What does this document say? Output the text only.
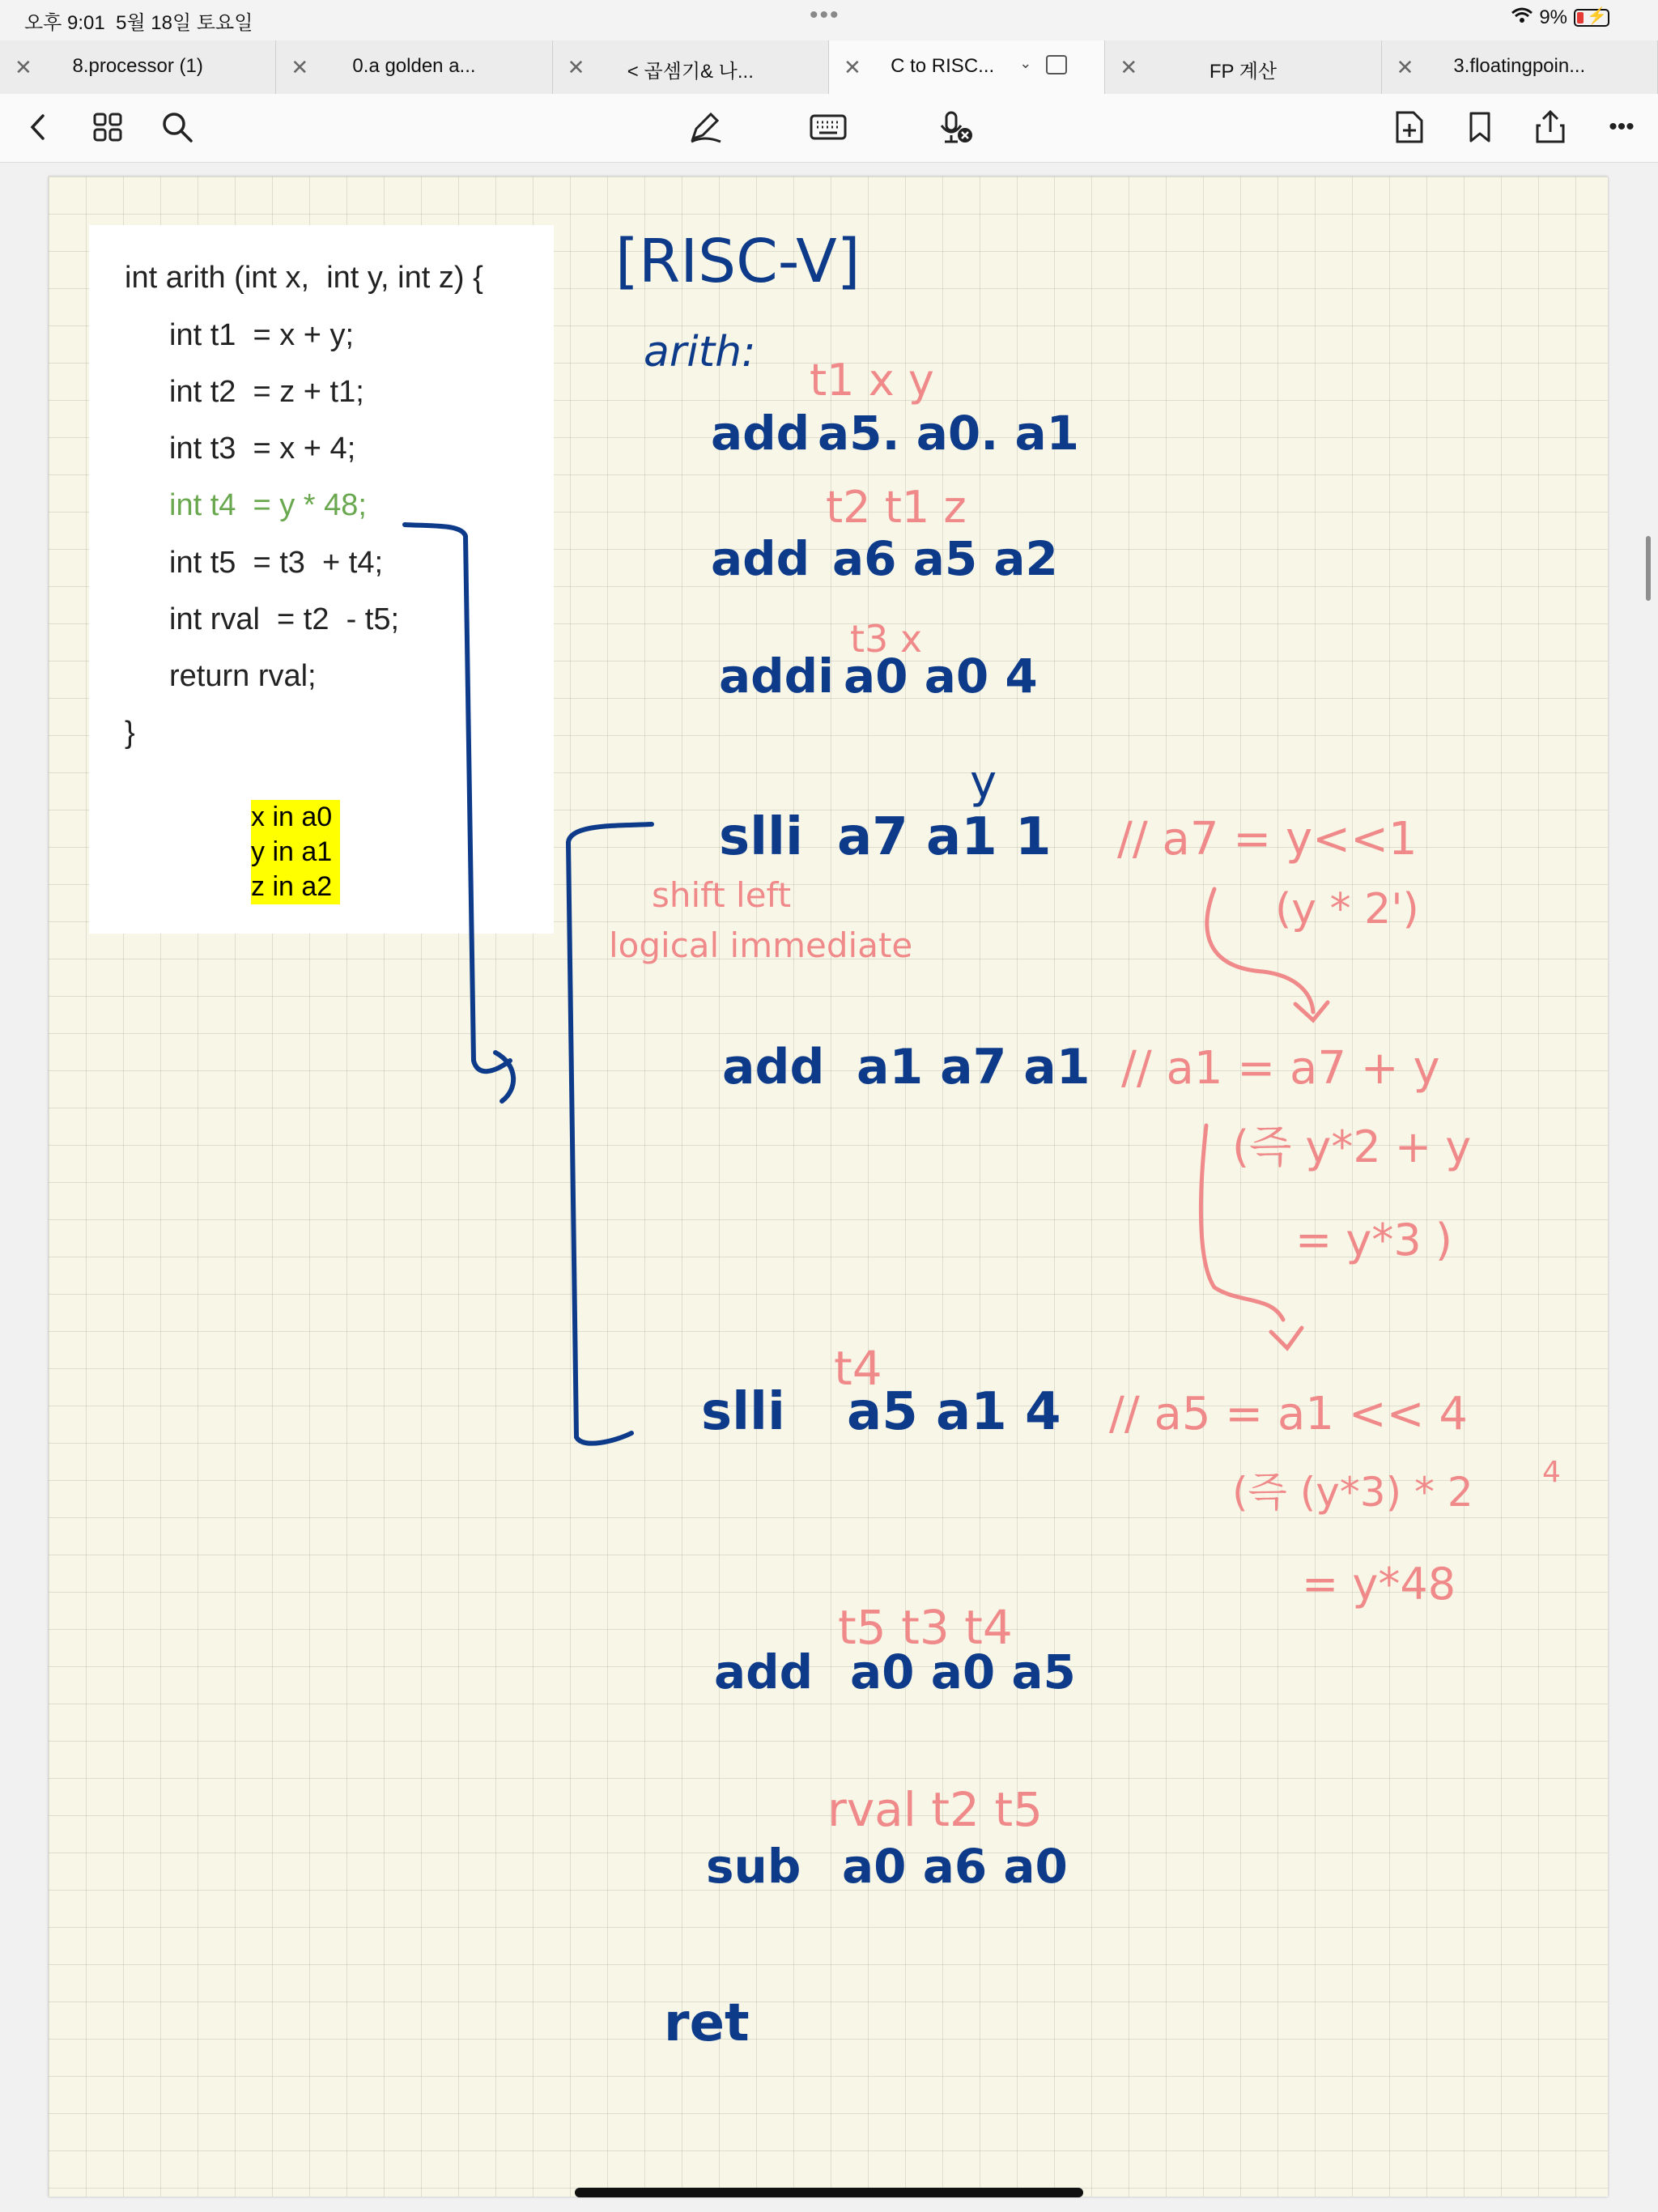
오후 9:01 5월 18일 토요일	•••	9% ⚡
✕	8.processor (1)	✕	0.a golden a...	✕	< 곱셈기& 나...	✕	C to RISC...	⌄	✕	FP 계산	✕	3.floatingpoin...
•••
int arith (int x,  int y, int z) {
int t1  = x + y;
int t2  = z + t1;
int t3  = x + 4;
int t4  = y * 48;
int t5  = t3  + t4;
int rval  = t2  - t5;
return rval;
}
x in a0
y in a1
z in a2
[RISC-V]
arith:
add a5. a0. a1
add a6 a5 a2
addi a0 a0 4
slli a7 a1 1
add a1 a7 a1
slli a5 a1 4
add a0 a0 a5
sub a0 a6 a0
ret
t1 x y
t2 t1 z
t3 x
y
// a7 = y<<1
(y * 2')
shift left
logical immediate
// a1 = a7 + y
(즉 y*2 + y
= y*3 )
t4
// a5 = a1 << 4
(즉 (y*3) * 2 4
= y*48
t5 t3 t4
rval t2 t5
